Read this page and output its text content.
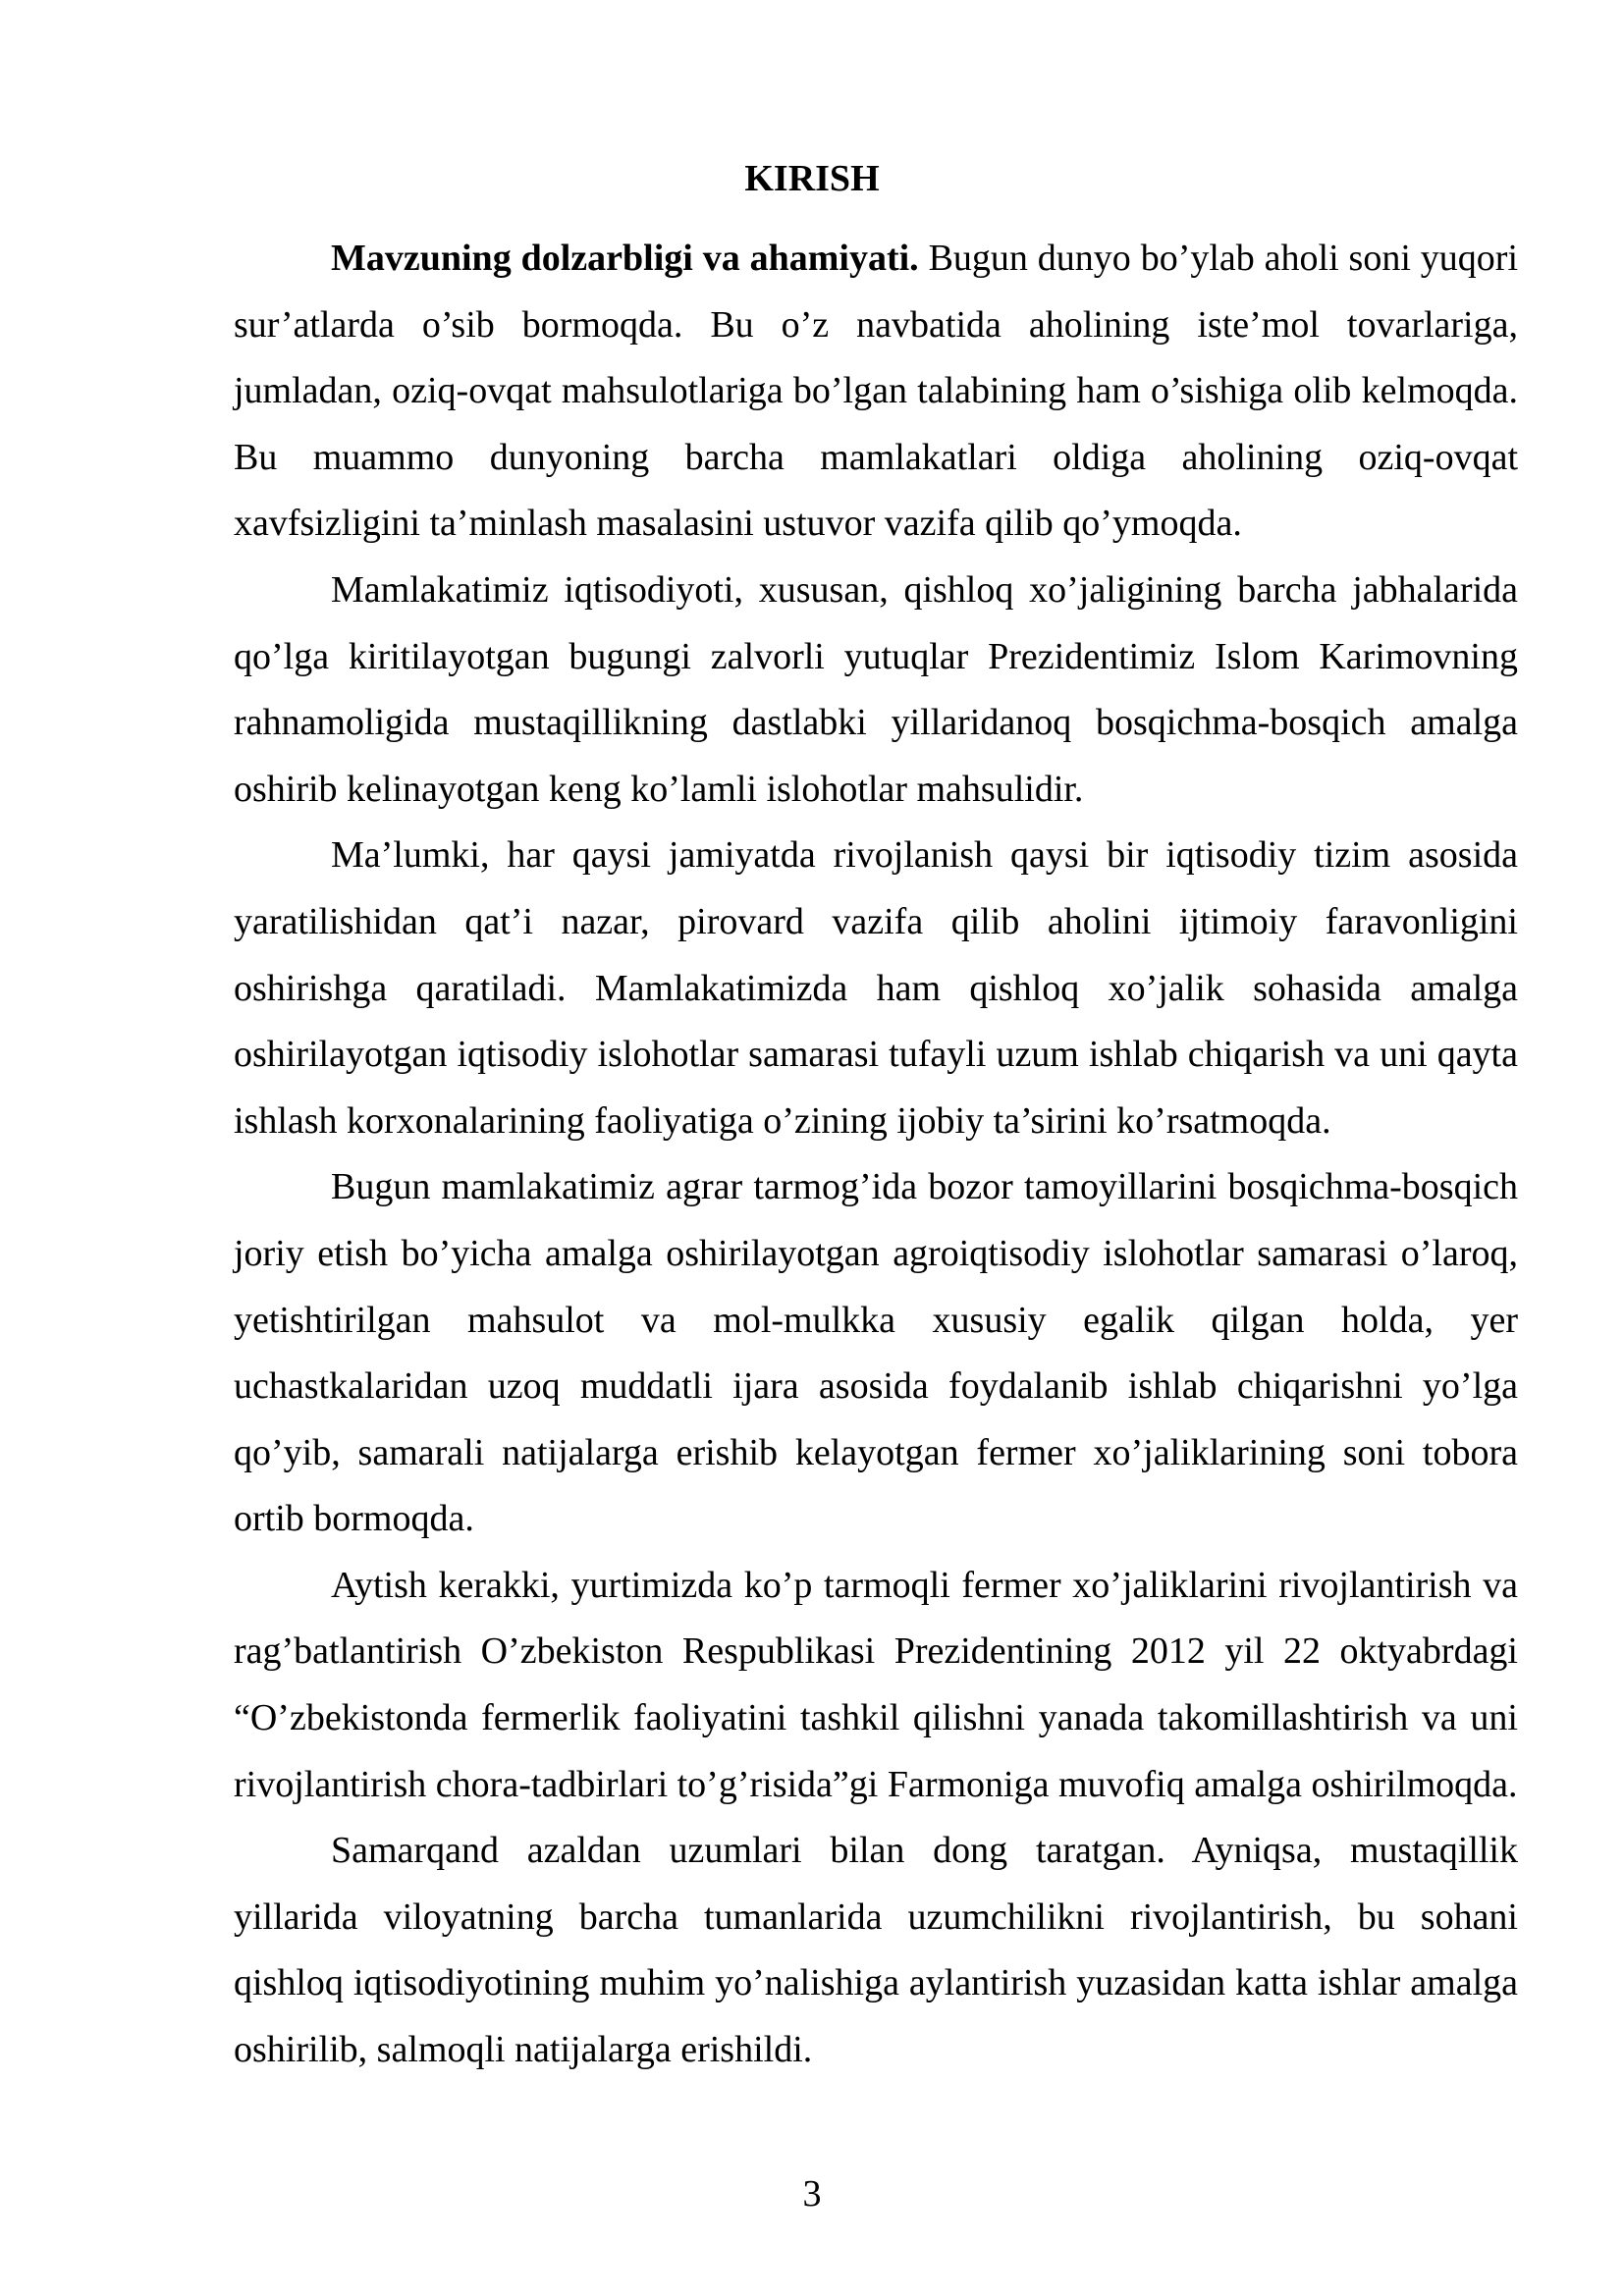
KIRISH

Mavzuning dolzarbligi va ahamiyati. Bugun dunyo bo’ylab aholi soni yuqori sur’atlarda o’sib bormoqda. Bu o’z navbatida aholining iste’mol tovarlariga, jumladan, oziq-ovqat mahsulotlariga bo’lgan talabining ham o’sishiga olib kelmoqda. Bu muammo dunyoning barcha mamlakatlari oldiga aholining oziq-ovqat xavfsizligini ta’minlash masalasini ustuvor vazifa qilib qo’ymoqda.

Mamlakatimiz iqtisodiyoti, xususan, qishloq xo’jaligining barcha jabhalarida qo’lga kiritilayotgan bugungi zalvorli yutuqlar Prezidentimiz Islom Karimovning rahnamoligida mustaqillikning dastlabki yillaridanoq bosqichma-bosqich amalga oshirib kelinayotgan keng ko’lamli islohotlar mahsulidir.

Ma’lumki, har qaysi jamiyatda rivojlanish qaysi bir iqtisodiy tizim asosida yaratilishidan qat’i nazar, pirovard vazifa qilib aholini ijtimoiy faravonligini oshirishga qaratiladi. Mamlakatimizda ham qishloq xo’jalik sohasida amalga oshirilayotgan iqtisodiy islohotlar samarasi tufayli uzum ishlab chiqarish va uni qayta ishlash korxonalarining faoliyatiga o’zining ijobiy ta’sirini ko’rsatmoqda.

Bugun mamlakatimiz agrar tarmog’ida bozor tamoyillarini bosqichma-bosqich joriy etish bo’yicha amalga oshirilayotgan agroiqtisodiy islohotlar samarasi o’laroq, yetishtirilgan mahsulot va mol-mulkka xususiy egalik qilgan holda, yer uchastkalaridan uzoq muddatli ijara asosida foydalanib ishlab chiqarishni yo’lga qo’yib, samarali natijalarga erishib kelayotgan fermer xo’jaliklarining soni tobora ortib bormoqda.

Aytish kerakki, yurtimizda ko’p tarmoqli fermer xo’jaliklarini rivojlantirish va rag’batlantirish O’zbekiston Respublikasi Prezidentining 2012 yil 22 oktyabrdagi “O’zbekistonda fermerlik faoliyatini tashkil qilishni yanada takomillashtirish va uni rivojlantirish chora-tadbirlari to’g’risida”gi Farmoniga muvofiq amalga oshirilmoqda.

Samarqand azaldan uzumlari bilan dong taratgan. Ayniqsa, mustaqillik yillarida viloyatning barcha tumanlarida uzumchilikni rivojlantirish, bu sohani qishloq iqtisodiyotining muhim yo’nalishiga aylantirish yuzasidan katta ishlar amalga oshirilib, salmoqli natijalarga erishildi.

3
